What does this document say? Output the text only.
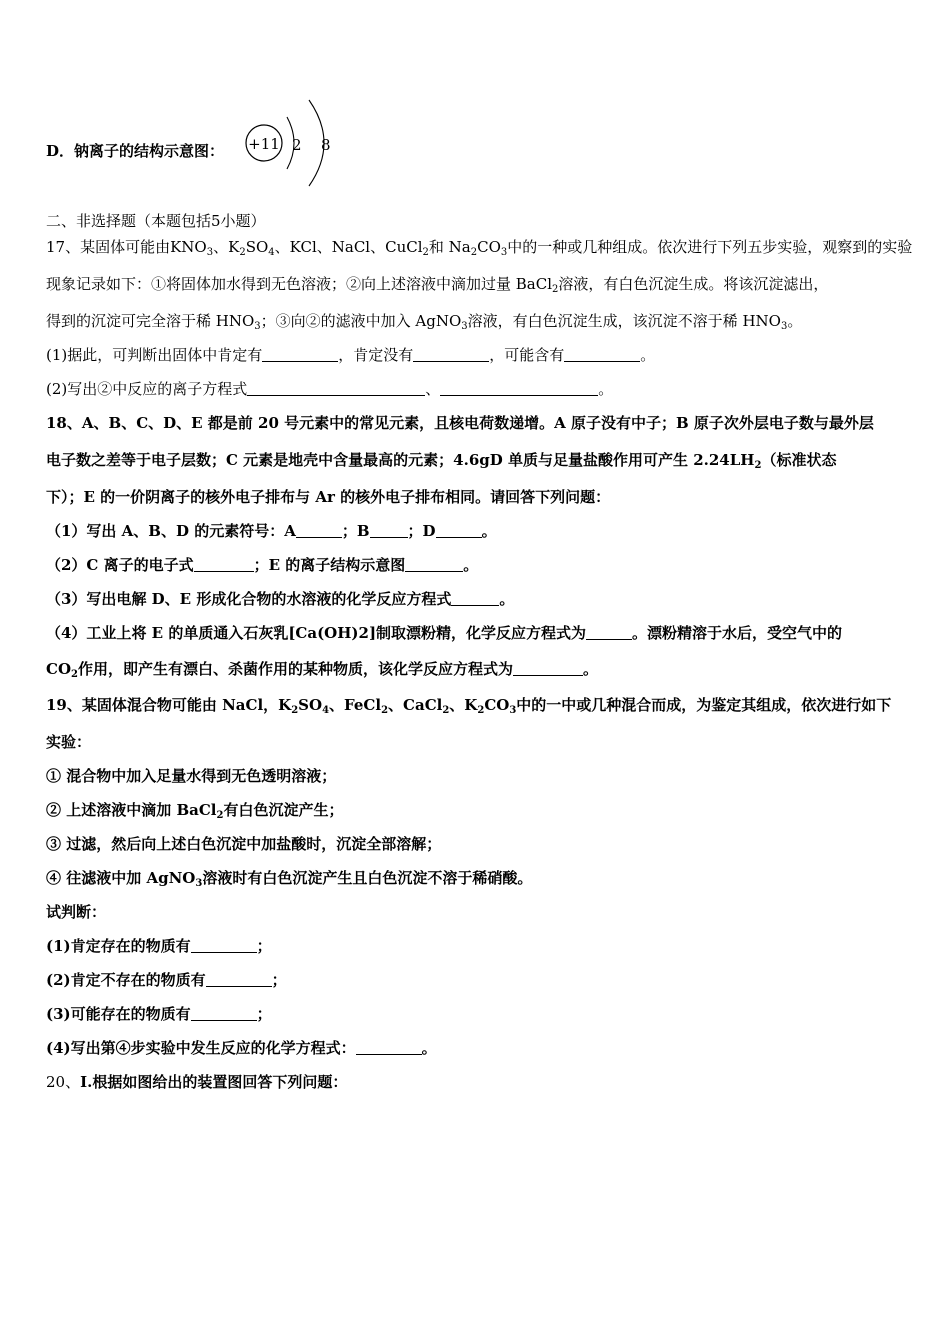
D．钠离子的结构示意图： +11 2 8
二、非选择题（本题包括5小题）
17、某固体可能由$KNO_3$、$K_2SO_4$、KCl、NaCl、CuCl$_2$和 $Na_2CO_3$中的一种或几种组成。依次进行下列五步实验，观察到的实验
现象记录如下：①将固体加水得到无色溶液；②向上述溶液中滴加过量 BaCl$_2$溶液，有白色沉淀生成。将该沉淀滤出，
得到的沉淀可完全溶于稀 $HNO_3$；③向②的滤液中加入 AgNO$_3$溶液，有白色沉淀生成，该沉淀不溶于稀 $HNO_3$。
(1)据此，可判断出固体中肯定有	，肯定没有	，可能含有	。
(2)写出②中反应的离子方程式	、	。
18、A、B、C、D、E 都是前 20 号元素中的常见元素，且核电荷数递增。A 原子没有中子；B 原子次外层电子数与最外层
电子数之差等于电子层数；C 元素是地壳中含量最高的元素；4.6gD 单质与足量盐酸作用可产生 $2.24LH_2$（标准状态
下）；E 的一价阴离子的核外电子排布与 Ar 的核外电子排布相同。请回答下列问题：
（1）写出 A、B、D 的元素符号：A	；B	；D	。
（2）C 离子的电子式	；E 的离子结构示意图	。
（3）写出电解 D、E 形成化合物的水溶液的化学反应方程式	。
（4）工业上将 E 的单质通入石灰乳[Ca(OH)2]制取漂粉精，化学反应方程式为	。漂粉精溶于水后，受空气中的
$CO_2$作用，即产生有漂白、杀菌作用的某种物质，该化学反应方程式为	。
19、某固体混合物可能由 NaCl，$K_2SO_4$、FeCl$_2$、CaCl$_2$、$K_2CO_3$中的一中或几种混合而成，为鉴定其组成，依次进行如下
实验：
① 混合物中加入足量水得到无色透明溶液；
② 上述溶液中滴加 BaCl$_2$有白色沉淀产生；
③ 过滤，然后向上述白色沉淀中加盐酸时，沉淀全部溶解；
④ 往滤液中加 AgNO$_3$溶液时有白色沉淀产生且白色沉淀不溶于稀硝酸。
试判断：
(1)肯定存在的物质有	；
(2)肯定不存在的物质有	；
(3)可能存在的物质有	；
(4)写出第④步实验中发生反应的化学方程式：	。
20、I.根据如图给出的装置图回答下列问题：
